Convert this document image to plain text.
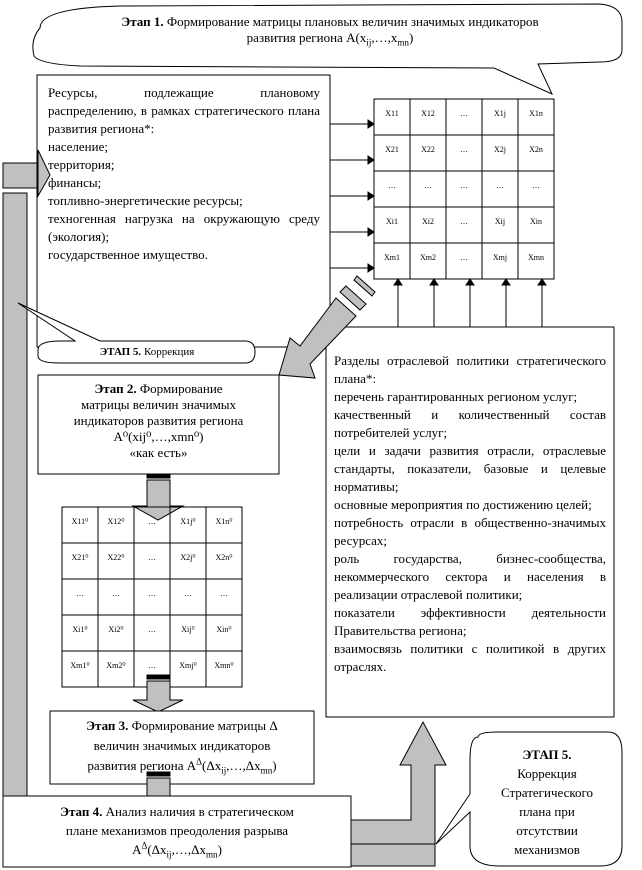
Этап 1. Формирование матрицы плановых величин значимых индикаторов
развития региона $A(x_{ij},\dots,x_{mn})$
Ресурсы, подлежащие плановому распределению, в рамках стратегического плана развития региона*:
население;
территория;
финансы;
топливно-энергетические ресурсы;
техногенная нагрузка на окружающую среду (экология);
государственное имущество.
ЭТАП 5. Коррекция
X11	X12	…	X1j	X1n
X21	X22	…	X2j	X2n
…	…	…	…	…
Xi1	Xi2	…	Xij	Xin
Xm1	Xm2	…	Xmj	Xmn
Этап 2. Формирование
матрицы величин значимых
индикаторов развития региона
A⁰(xij⁰,…,xmn⁰)
«как есть»
X11⁰	X12⁰	…	X1j⁰	X1n⁰
X21⁰	X22⁰	…	X2j⁰	X2n⁰
…	…	…	…	…
Xi1⁰	Xi2⁰	…	Xij⁰	Xin⁰
Xm1⁰	Xm2⁰	…	Xmj⁰	Xmn⁰
Разделы отраслевой политики стратегического плана*:
перечень гарантированных регионом услуг;
качественный и количественный состав потребителей услуг;
цели и задачи развития отрасли, отраслевые стандарты, показатели, базовые и целевые нормативы;
основные мероприятия по достижению целей;
потребность отрасли в общественно-значимых ресурсах;
роль государства, бизнес-сообщества, некоммерческого сектора и населения в реализации отраслевой политики;
показатели эффективности деятельности Правительства региона;
взаимосвязь политики с политикой в других отраслях.
Этап 3. Формирование матрицы Δ
величин значимых индикаторов
развития региона $A^\Delta(\Delta x_{ij},\dots,\Delta x_{mn})$
Этап 4. Анализ наличия в стратегическом
плане механизмов преодоления разрыва
$A^\Delta(\Delta x_{ij},\dots,\Delta x_{mn})$
ЭТАП 5.
Коррекция
Стратегического
плана при
отсутствии
механизмов
